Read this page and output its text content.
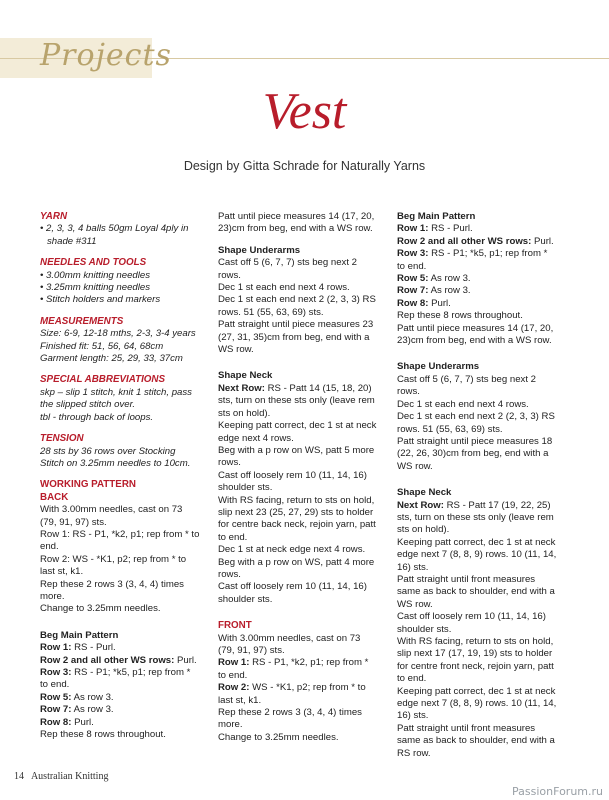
Projects
Vest
Design by Gitta Schrade for Naturally Yarns
YARN
• 2, 3, 3, 4 balls 50gm Loyal 4ply in shade #311
NEEDLES AND TOOLS
• 3.00mm knitting needles
• 3.25mm knitting needles
• Stitch holders and markers
MEASUREMENTS
Size: 6-9, 12-18 mths, 2-3, 3-4 years
Finished fit: 51, 56, 64, 68cm
Garment length: 25, 29, 33, 37cm
SPECIAL ABBREVIATIONS
skp – slip 1 stitch, knit 1 stitch, pass the slipped stitch over.
tbl - through back of loops.
TENSION
28 sts by 36 rows over Stocking Stitch on 3.25mm needles to 10cm.
WORKING PATTERN
BACK
With 3.00mm needles, cast on 73 (79, 91, 97) sts.
Row 1: RS - P1, *k2, p1; rep from * to end.
Row 2: WS - *K1, p2; rep from * to last st, k1.
Rep these 2 rows 3 (3, 4, 4) times more.
Change to 3.25mm needles.
Beg Main Pattern
Row 1: RS - Purl.
Row 2 and all other WS rows: Purl.
Row 3: RS - P1; *k5, p1; rep from * to end.
Row 5: As row 3.
Row 7: As row 3.
Row 8: Purl.
Rep these 8 rows throughout.
Patt until piece measures 14 (17, 20, 23)cm from beg, end with a WS row.
Shape Underarms
Cast off 5 (6, 7, 7) sts beg next 2 rows.
Dec 1 st each end next 4 rows.
Dec 1 st each end next 2 (2, 3, 3) RS rows. 51 (55, 63, 69) sts.
Patt straight until piece measures 23 (27, 31, 35)cm from beg, end with a WS row.
Shape Neck
Next Row: RS - Patt 14 (15, 18, 20) sts, turn on these sts only (leave rem sts on hold).
Keeping patt correct, dec 1 st at neck edge next 4 rows.
Beg with a p row on WS, patt 5 more rows.
Cast off loosely rem 10 (11, 14, 16) shoulder sts.
With RS facing, return to sts on hold, slip next 23 (25, 27, 29) sts to holder for centre back neck, rejoin yarn, patt to end.
Dec 1 st at neck edge next 4 rows.
Beg with a p row on WS, patt 4 more rows.
Cast off loosely rem 10 (11, 14, 16) shoulder sts.
FRONT
With 3.00mm needles, cast on 73 (79, 91, 97) sts.
Row 1: RS - P1, *k2, p1; rep from * to end.
Row 2: WS - *K1, p2; rep from * to last st, k1.
Rep these 2 rows 3 (3, 4, 4) times more.
Change to 3.25mm needles.
Beg Main Pattern
Row 1: RS - Purl.
Row 2 and all other WS rows: Purl.
Row 3: RS - P1; *k5, p1; rep from * to end.
Row 5: As row 3.
Row 7: As row 3.
Row 8: Purl.
Rep these 8 rows throughout.
Patt until piece measures 14 (17, 20, 23)cm from beg, end with a WS row.
Shape Underarms
Cast off 5 (6, 7, 7) sts beg next 2 rows.
Dec 1 st each end next 4 rows.
Dec 1 st each end next 2 (2, 3, 3) RS rows. 51 (55, 63, 69) sts.
Patt straight until piece measures 18 (22, 26, 30)cm from beg, end with a WS row.
Shape Neck
Next Row: RS - Patt 17 (19, 22, 25) sts, turn on these sts only (leave rem sts on hold).
Keeping patt correct, dec 1 st at neck edge next 7 (8, 8, 9) rows. 10 (11, 14, 16) sts.
Patt straight until front measures same as back to shoulder, end with a WS row.
Cast off loosely rem 10 (11, 14, 16) shoulder sts.
With RS facing, return to sts on hold, slip next 17 (17, 19, 19) sts to holder for centre front neck, rejoin yarn, patt to end.
Keeping patt correct, dec 1 st at neck edge next 7 (8, 8, 9) rows. 10 (11, 14, 16) sts.
Patt straight until front measures same as back to shoulder, end with a RS row.
14 Australian Knitting
PassionForum.ru
